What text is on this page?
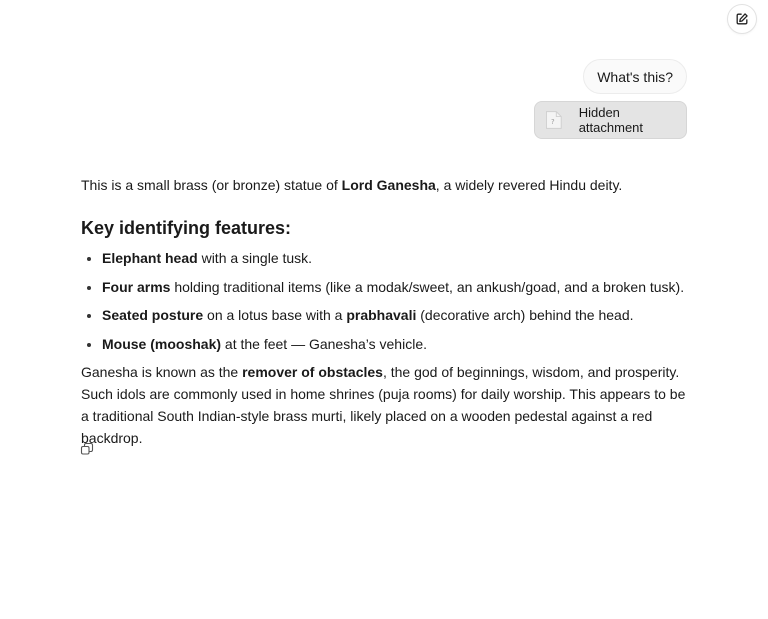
What's this?
?
Hidden attachment

This is a small brass (or bronze) statue of Lord Ganesha, a widely revered Hindu deity.

Key identifying features:
• Elephant head with a single tusk.
• Four arms holding traditional items (like a modak/sweet, an ankush/goad, and a broken tusk).
• Seated posture on a lotus base with a prabhavali (decorative arch) behind the head.
• Mouse (mooshak) at the feet — Ganesha’s vehicle.

Ganesha is known as the remover of obstacles, the god of beginnings, wisdom, and prosperity. Such idols are commonly used in home shrines (puja rooms) for daily worship. This appears to be a traditional South Indian-style brass murti, likely placed on a wooden pedestal against a red backdrop.
